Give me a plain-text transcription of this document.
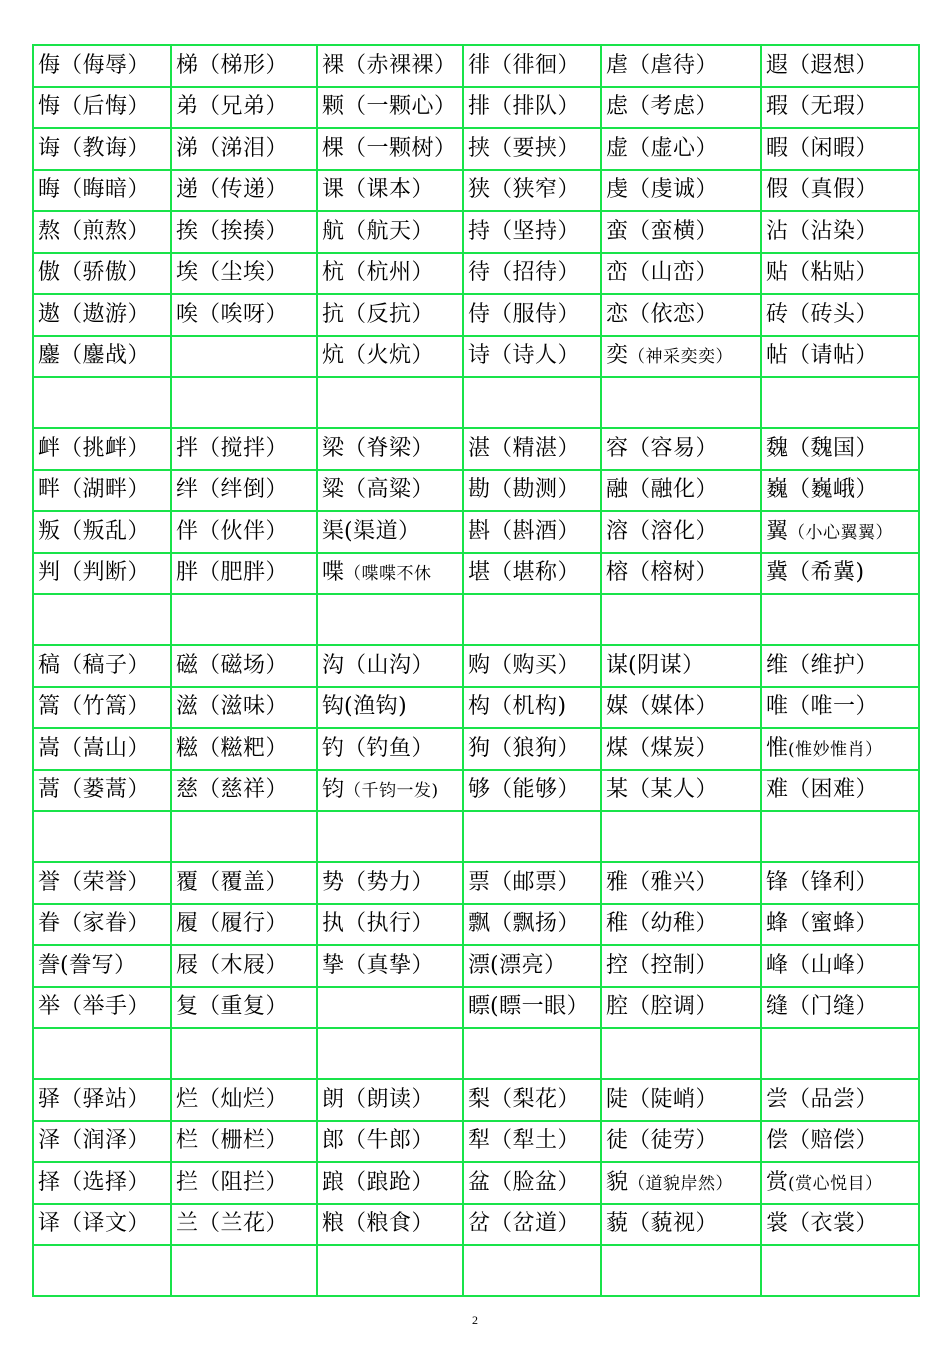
侮（侮辱）	梯（梯形）	裸（赤裸裸）	徘（徘徊）	虐（虐待）	遐（遐想）
悔（后悔）	弟（兄弟）	颗（一颗心）	排（排队）	虑（考虑）	瑕（无瑕）
诲（教诲）	涕（涕泪）	棵（一颗树）	挟（要挟）	虚（虚心）	暇（闲暇）
晦（晦暗）	递（传递）	课（课本）	狭（狭窄）	虔（虔诚）	假（真假）
熬（煎熬）	挨（挨揍）	航（航天）	持（坚持）	蛮（蛮横）	沾（沾染）
傲（骄傲）	埃（尘埃）	杭（杭州）	待（招待）	峦（山峦）	贴（粘贴）
遨（遨游）	唉（唉呀）	抗（反抗）	侍（服侍）	恋（依恋）	砖（砖头）
鏖（鏖战）		炕（火炕）	诗（诗人）	奕（神采奕奕）	帖（请帖）

衅（挑衅）	拌（搅拌）	梁（脊梁）	湛（精湛）	容（容易）	魏（魏国）
畔（湖畔）	绊（绊倒）	粱（高粱）	勘（勘测）	融（融化）	巍（巍峨）
叛（叛乱）	伴（伙伴）	渠(渠道）	斟（斟酒）	溶（溶化）	翼（小心翼翼）
判（判断）	胖（肥胖）	喋（喋喋不休	堪（堪称）	榕（榕树）	冀（希冀)

稿（稿子）	磁（磁场）	沟（山沟）	购（购买）	谋(阴谋）	维（维护）
篙（竹篙）	滋（滋味）	钩(渔钩)	构（机构)	媒（媒体）	唯（唯一）
嵩（嵩山）	糍（糍粑）	钓（钓鱼）	狗（狼狗）	煤（煤炭）	惟(惟妙惟肖）
蒿（蒌蒿）	慈（慈祥）	钧（千钧一发)	够（能够）	某（某人）	难（困难）

誉（荣誉）	覆（覆盖）	势（势力）	票（邮票）	雅（雅兴）	锋（锋利）
眷（家眷）	履（履行）	执（执行）	飘（飘扬）	稚（幼稚）	蜂（蜜蜂）
誊(誊写）	屐（木屐）	挚（真挚）	漂(漂亮）	控（控制）	峰（山峰）
举（举手）	复（重复）		瞟(瞟一眼）	腔（腔调）	缝（门缝）

驿（驿站）	烂（灿烂）	朗（朗读）	梨（梨花）	陡（陡峭）	尝（品尝）
泽（润泽）	栏（栅栏）	郎（牛郎）	犁（犁土）	徒（徒劳）	偿（赔偿）
择（选择）	拦（阻拦）	踉（踉跄）	盆（脸盆）	貌（道貌岸然）	赏(赏心悦目）
译（译文）	兰（兰花）	粮（粮食）	岔（岔道）	藐（藐视）	裳（衣裳）

2
